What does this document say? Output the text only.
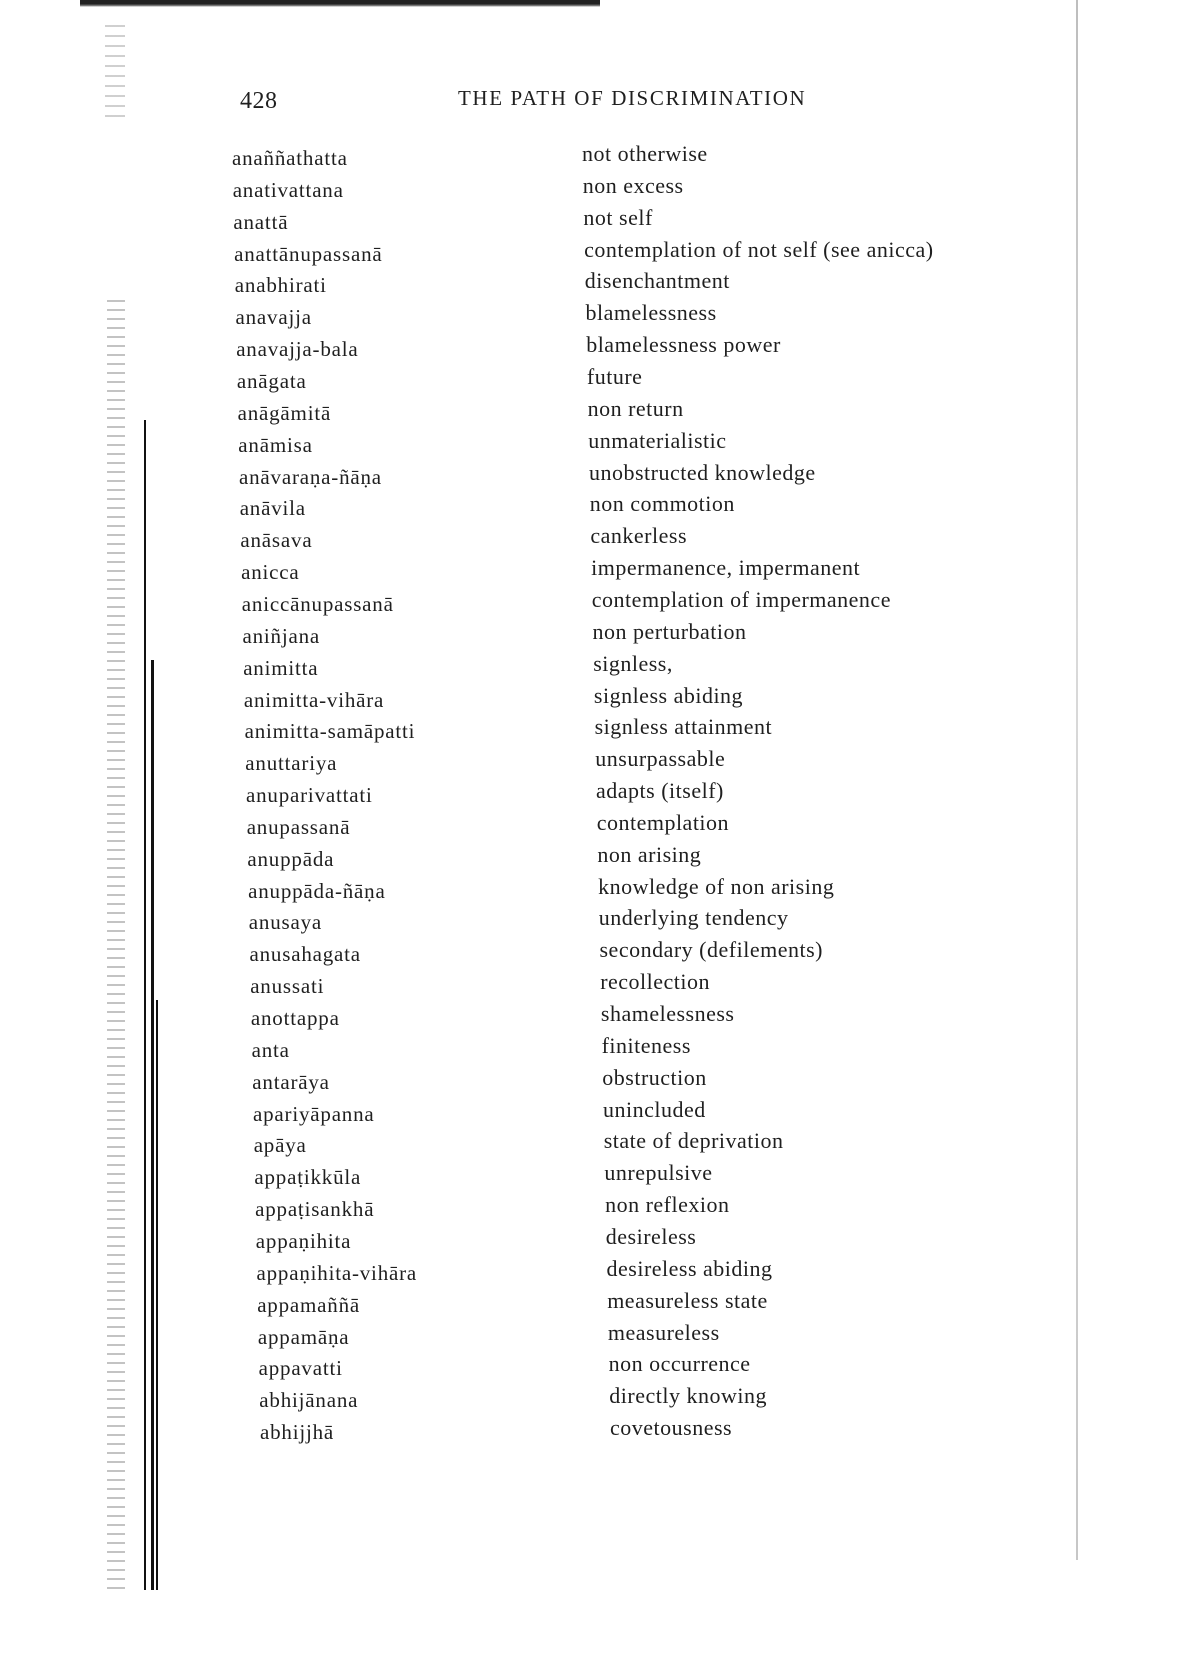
428	THE PATH OF DISCRIMINATION
anaññathatta	not otherwise
anativattana	non excess
anattā	not self
anattānupassanā	contemplation of not self (see anicca)
anabhirati	disenchantment
anavajja	blamelessness
anavajja-bala	blamelessness power
anāgata	future
anāgāmitā	non return
anāmisa	unmaterialistic
anāvaraṇa-ñāṇa	unobstructed knowledge
anāvila	non commotion
anāsava	cankerless
anicca	impermanence, impermanent
aniccānupassanā	contemplation of impermanence
aniñjana	non perturbation
animitta	signless,
animitta-vihāra	signless abiding
animitta-samāpatti	signless attainment
anuttariya	unsurpassable
anuparivattati	adapts (itself)
anupassanā	contemplation
anuppāda	non arising
anuppāda-ñāṇa	knowledge of non arising
anusaya	underlying tendency
anusahagata	secondary (defilements)
anussati	recollection
anottappa	shamelessness
anta	finiteness
antarāya	obstruction
apariyāpanna	unincluded
apāya	state of deprivation
appaṭikkūla	unrepulsive
appaṭisankhā	non reflexion
appaṇihita	desireless
appaṇihita-vihāra	desireless abiding
appamaññā	measureless state
appamāṇa	measureless
appavatti	non occurrence
abhijānana	directly knowing
abhijjhā	covetousness
